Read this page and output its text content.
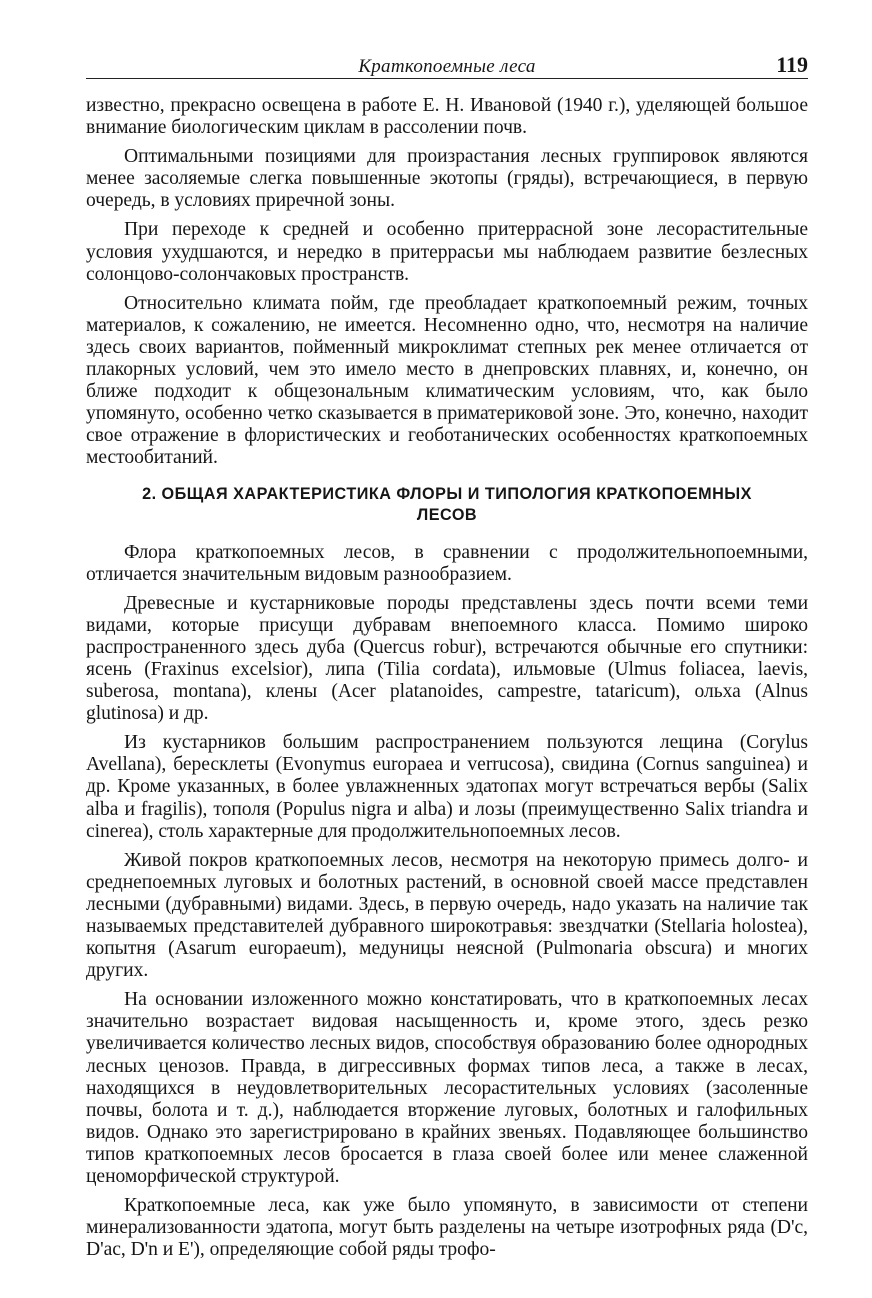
Краткопоемные леса	119

известно, прекрасно освещена в работе Е. Н. Ивановой (1940 г.), уделяющей большое внимание биологическим циклам в рассолении почв.

Оптимальными позициями для произрастания лесных группировок являются менее засоляемые слегка повышенные экотопы (гряды), встречающиеся, в первую очередь, в условиях приречной зоны.

При переходе к средней и особенно притеррасной зоне лесорастительные условия ухудшаются, и нередко в притеррасьи мы наблюдаем развитие безлесных солонцово-солончаковых пространств.

Относительно климата пойм, где преобладает краткопоемный режим, точных материалов, к сожалению, не имеется. Несомненно одно, что, несмотря на наличие здесь своих вариантов, пойменный микроклимат степных рек менее отличается от плакорных условий, чем это имело место в днепровских плавнях, и, конечно, он ближе подходит к общезональным климатическим условиям, что, как было упомянуто, особенно четко сказывается в приматериковой зоне. Это, конечно, находит свое отражение в флористических и геоботанических особенностях краткопоемных местообитаний.

2. ОБЩАЯ ХАРАКТЕРИСТИКА ФЛОРЫ И ТИПОЛОГИЯ КРАТКОПОЕМНЫХ
ЛЕСОВ

Флора краткопоемных лесов, в сравнении с продолжительнопоемными, отличается значительным видовым разнообразием.

Древесные и кустарниковые породы представлены здесь почти всеми теми видами, которые присущи дубравам внепоемного класса. Помимо широко распространенного здесь дуба (Quercus robur), встречаются обычные его спутники: ясень (Fraxinus excelsior), липа (Tilia cordata), ильмовые (Ulmus foliacea, laevis, suberosa, montana), клены (Acer platanoides, campestre, tataricum), ольха (Alnus glutinosa) и др.

Из кустарников большим распространением пользуются лещина (Corylus Avellana), бересклеты (Evonymus europaea и verrucosa), свидина (Cornus sanguinea) и др. Кроме указанных, в более увлажненных эдатопах могут встречаться вербы (Salix alba и fragilis), тополя (Populus nigra и alba) и лозы (преимущественно Salix triandra и cinerea), столь характерные для продолжительнопоемных лесов.

Живой покров краткопоемных лесов, несмотря на некоторую примесь долго- и среднепоемных луговых и болотных растений, в основной своей массе представлен лесными (дубравными) видами. Здесь, в первую очередь, надо указать на наличие так называемых представителей дубравного широкотравья: звездчатки (Stellaria holostea), копытня (Asarum europaeum), медуницы неясной (Pulmonaria obscura) и многих других.

На основании изложенного можно констатировать, что в краткопоемных лесах значительно возрастает видовая насыщенность и, кроме этого, здесь резко увеличивается количество лесных видов, способствуя образованию более однородных лесных ценозов. Правда, в дигрессивных формах типов леса, а также в лесах, находящихся в неудовлетворительных лесорастительных условиях (засоленные почвы, болота и т. д.), наблюдается вторжение луговых, болотных и галофильных видов. Однако это зарегистрировано в крайних звеньях. Подавляющее большинство типов краткопоемных лесов бросается в глаза своей более или менее слаженной ценоморфической структурой.

Краткопоемные леса, как уже было упомянуто, в зависимости от степени минерализованности эдатопа, могут быть разделены на четыре изотрофных ряда (D'c, D'ac, D'n и E'), определяющие собой ряды трофо-
